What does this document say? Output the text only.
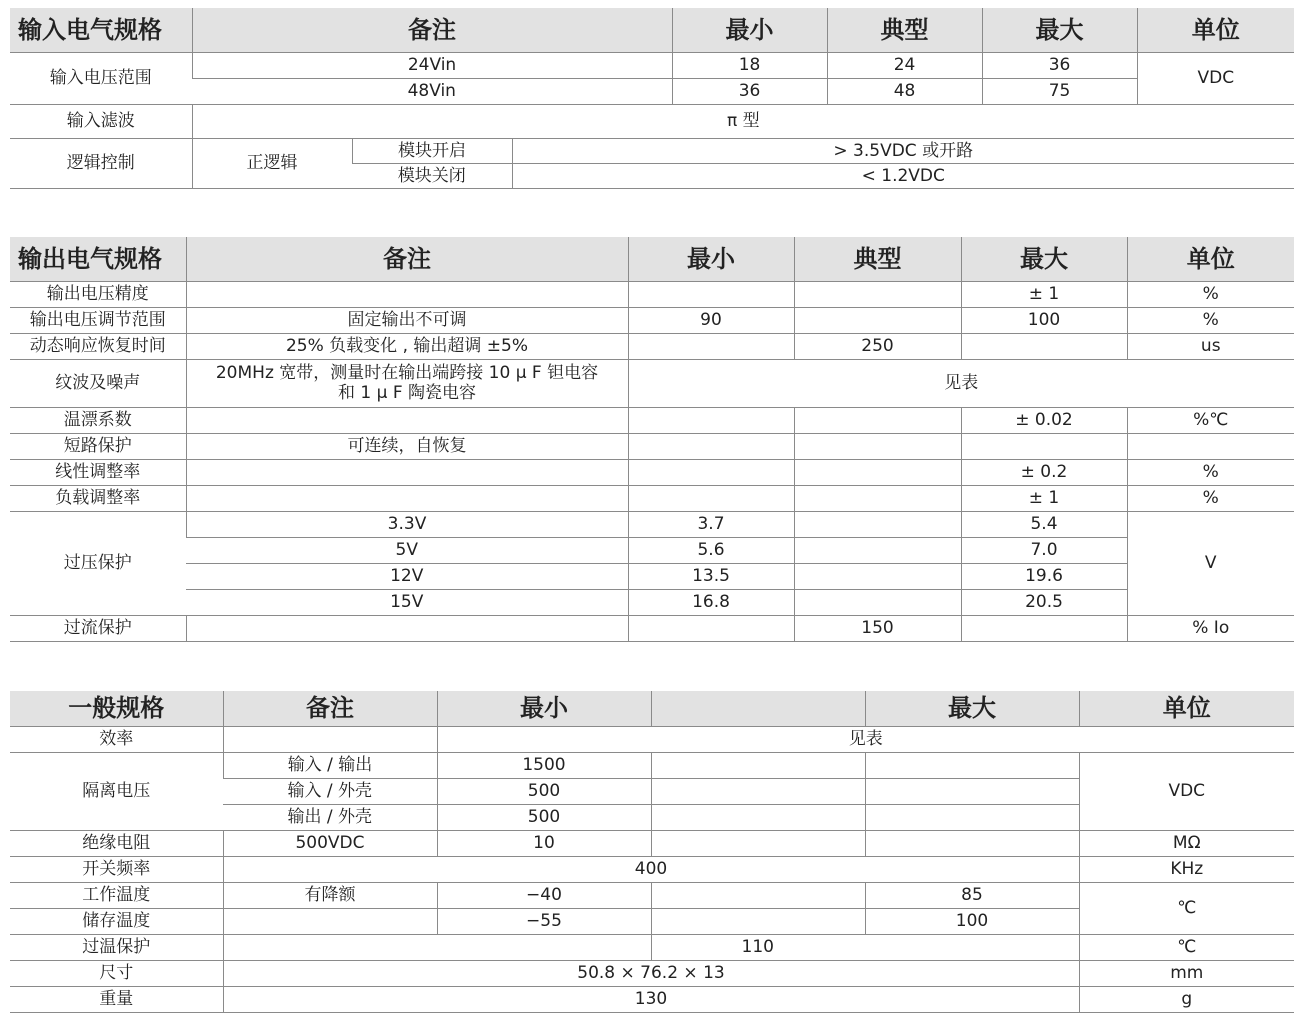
输入电气规格	备注			最小	典型	最大	单位
输入电压范围	24Vin			18	24	36	VDC
	48Vin			36	48	75	
输入滤波	π 型						
逻辑控制	正逻辑	模块开启	> 3.5VDC 或开路				
		模块关闭	< 1.2VDC				
输出电气规格	备注	最小	典型	最大	单位
输出电压精度				± 1	%
输出电压调节范围	固定输出不可调	90		100	%
动态响应恢复时间	25% 负载变化 , 输出超调 ±5%		250		us
纹波及噪声	20MHz 宽带，测量时在输出端跨接 10 μ F 钽电容
和 1 μ F 陶瓷电容	见表			
温漂系数				± 0.02	%℃
短路保护	可连续，自恢复				
线性调整率				± 0.2	%
负载调整率				± 1	%
过压保护	3.3V	3.7		5.4	V
	5V	5.6		7.0	
	12V	13.5		19.6	
	15V	16.8		20.5	
过流保护			150		% Io
一般规格	备注	最小		最大	单位
效率		见表			
隔离电压	输入 / 输出	1500			VDC
	输入 / 外壳	500			
	输出 / 外壳	500			
绝缘电阻	500VDC	10			MΩ
开关频率	400				KHz
工作温度	有降额	−40		85	℃
储存温度		−55		100	
过温保护			110		℃
尺寸	50.8 × 76.2 × 13				mm
重量	130				g
